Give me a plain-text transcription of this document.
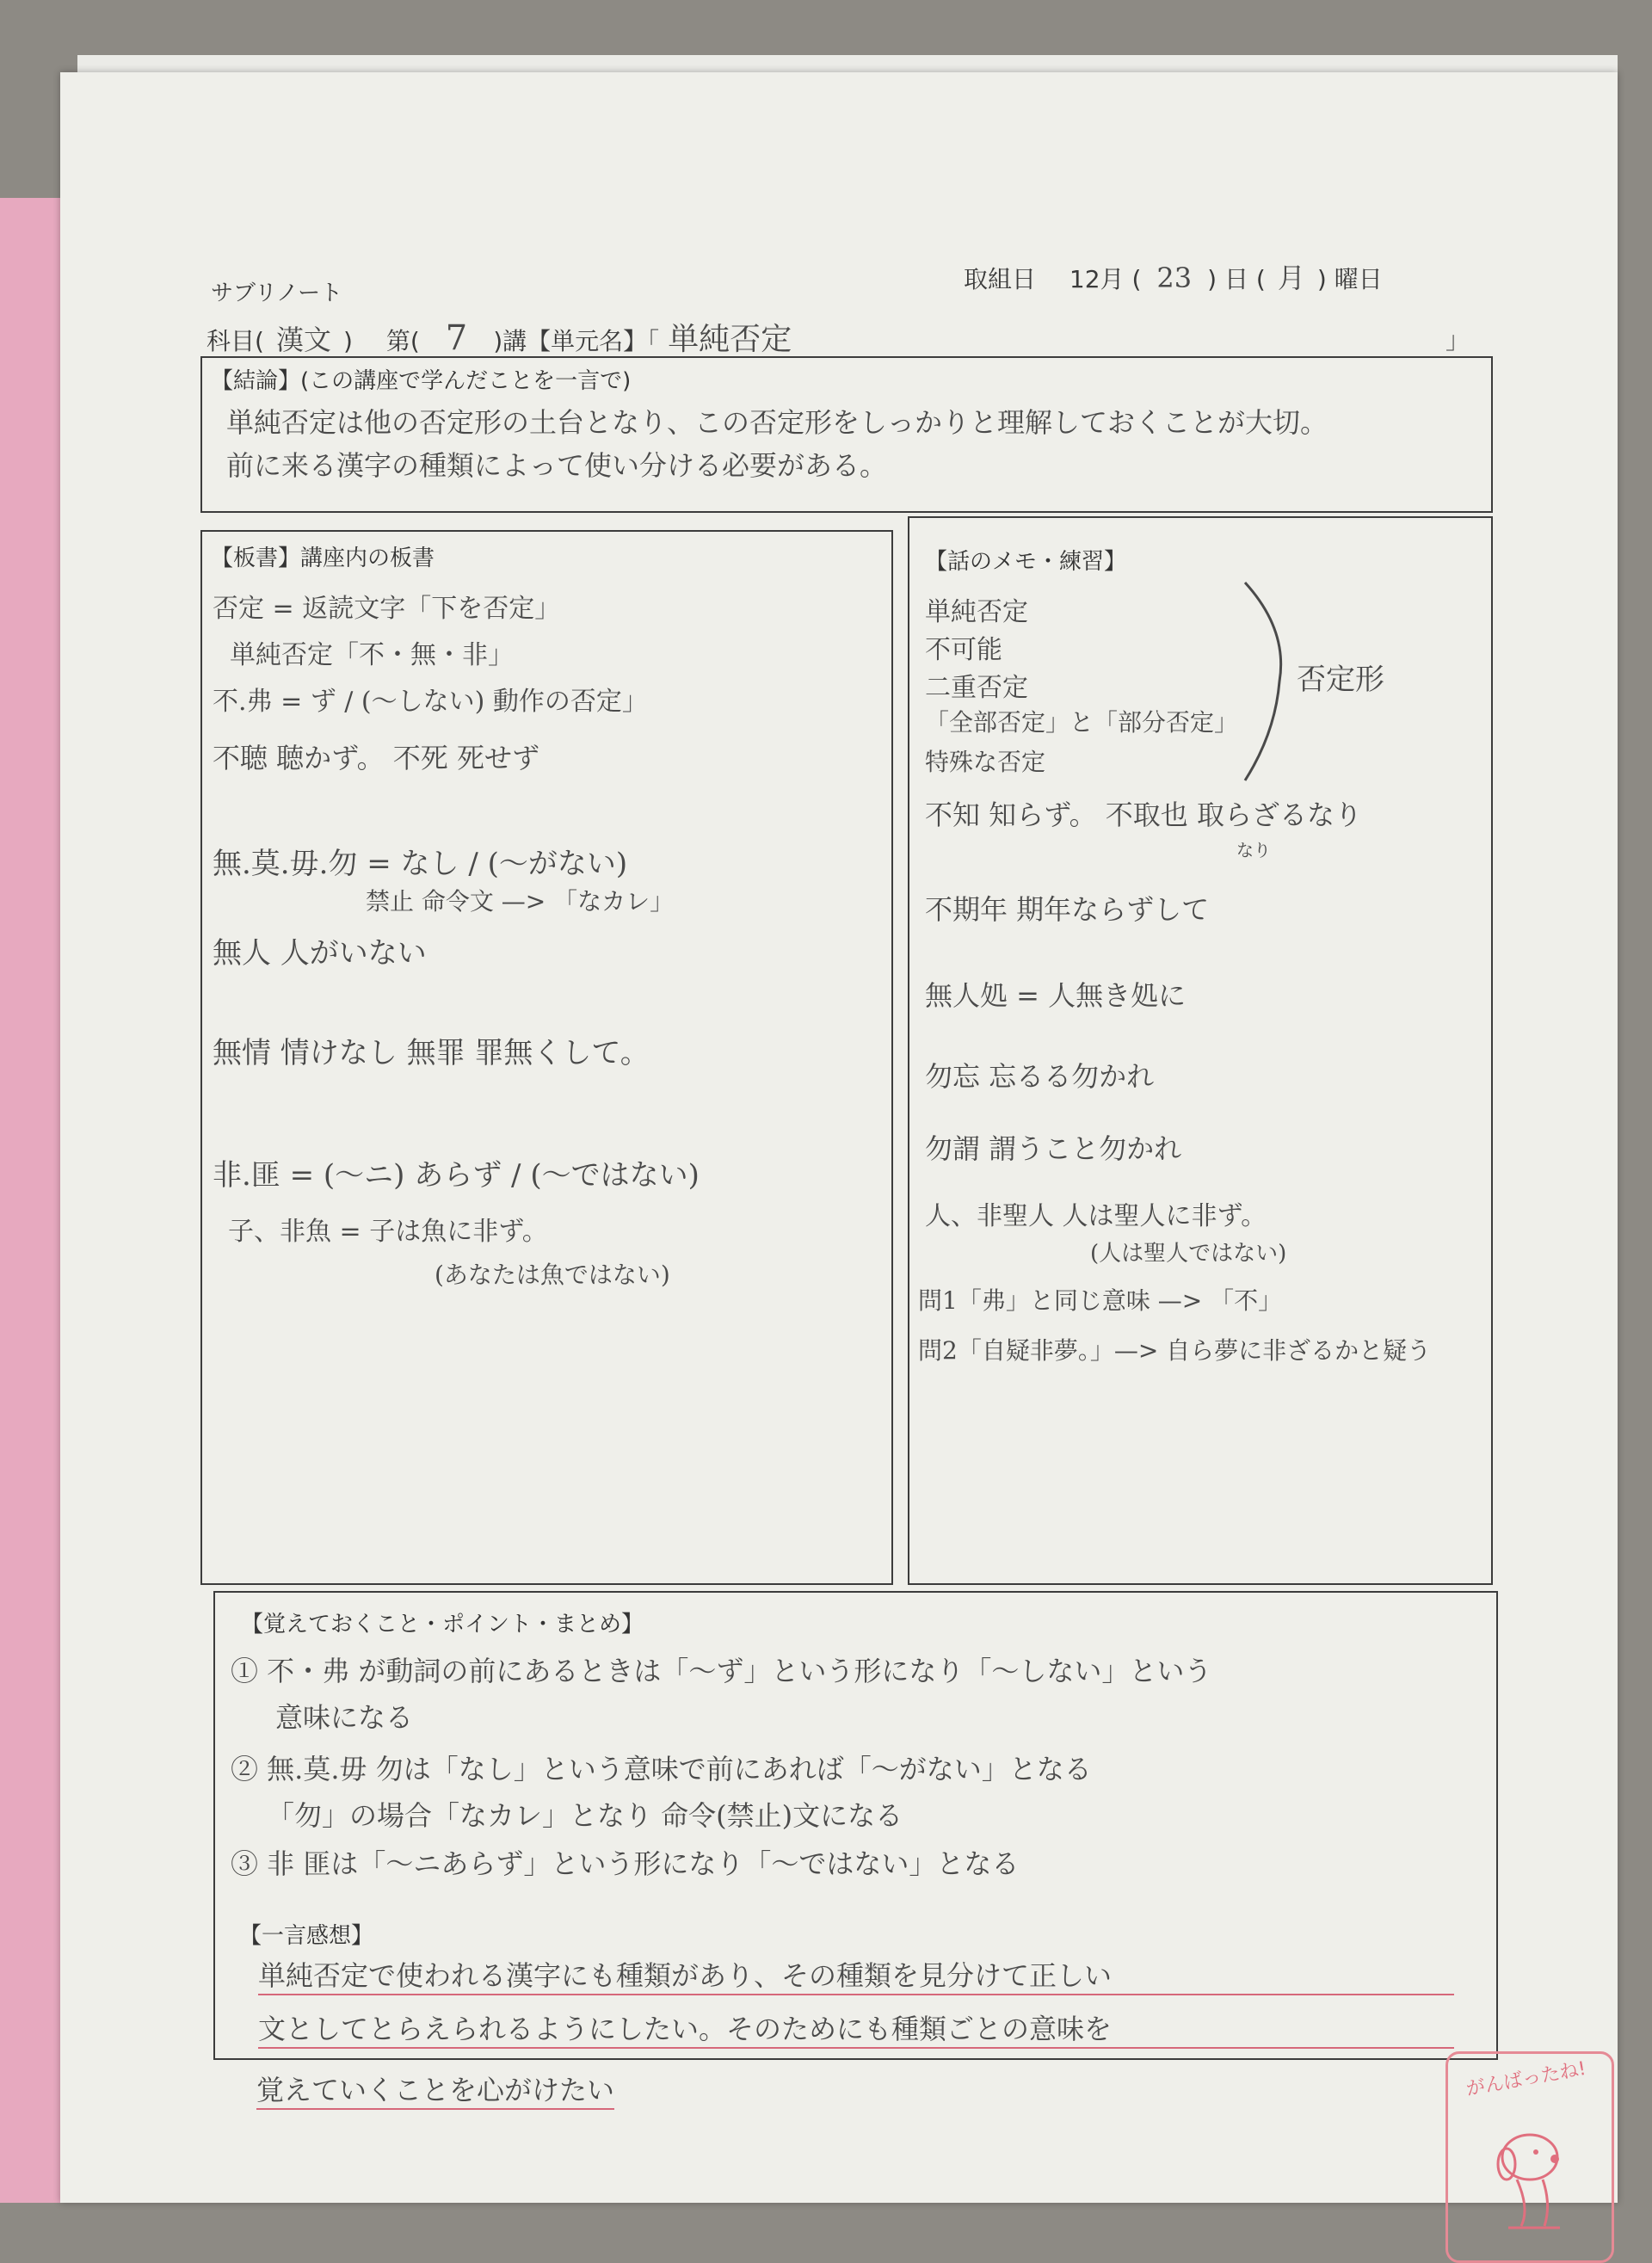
サブリノート	取組日 12月 ( 23 ) 日 ( 月 ) 曜日
科目( 漢文 ) 第( 7 )講【単元名】「 単純否定	」
【結論】(この講座で学んだことを一言で)
単純否定は他の否定形の土台となり、この否定形をしっかりと理解しておくことが大切。
前に来る漢字の種類によって使い分ける必要がある。
【板書】講座内の板書
否定 = 返読文字「下を否定」
単純否定「不・無・非」
不.弗 = ず / (〜しない) 動作の否定」
不聴 聴かず。 不死 死せず
無.莫.毋.勿 = なし / (〜がない)
禁止 命令文 —> 「なカレ」
無人 人がいない
無情 情けなし 無罪 罪無くして。
非.匪 = (〜ニ) あらず / (〜ではない)
子、非魚 = 子は魚に非ず。
(あなたは魚ではない)
【話のメモ・練習】
単純否定
不可能
二重否定
「全部否定」と「部分否定」
特殊な否定
否定形
不知 知らず。 不取也 取らざるなり
なり
不期年 期年ならずして
無人処 = 人無き処に
勿忘 忘るる勿かれ
勿謂 謂うこと勿かれ
人、非聖人 人は聖人に非ず。
(人は聖人ではない)
問1「弗」と同じ意味 —> 「不」
問2「自疑非夢。」—> 自ら夢に非ざるかと疑う
【覚えておくこと・ポイント・まとめ】
① 不・弗 が動詞の前にあるときは「〜ず」という形になり「〜しない」という
意味になる
② 無.莫.毋 勿は「なし」という意味で前にあれば「〜がない」となる
「勿」の場合「なカレ」となり 命令(禁止)文になる
③ 非 匪は「〜ニあらず」という形になり「〜ではない」となる
【一言感想】
単純否定で使われる漢字にも種類があり、その種類を見分けて正しい
文としてとらえられるようにしたい。そのためにも種類ごとの意味を
覚えていくことを心がけたい	がんばったね!
